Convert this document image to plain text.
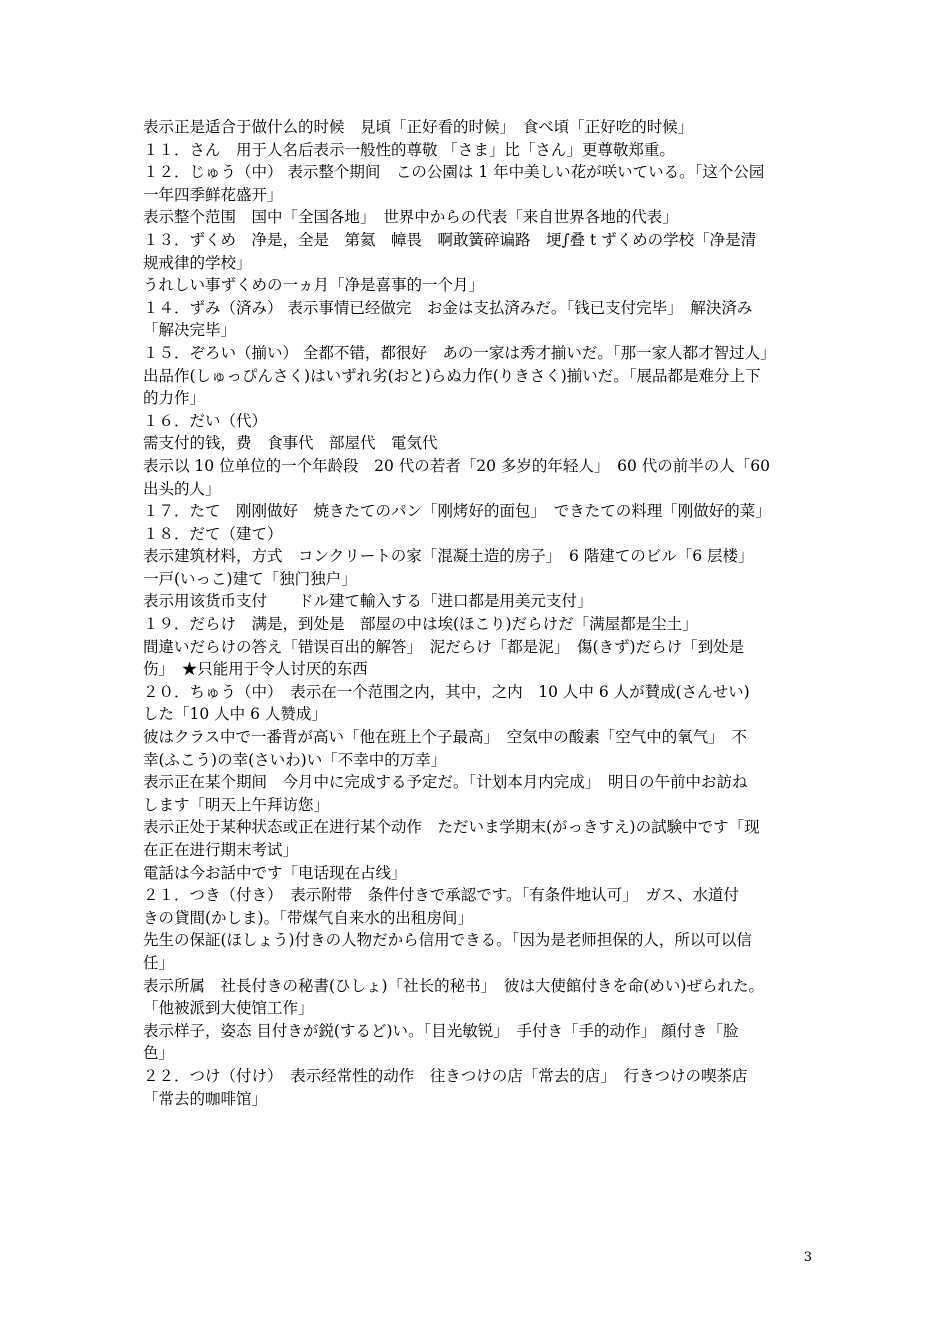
表示正是适合于做什么的时候　見頃「正好看的时候」　食べ頃「正好吃的时候」
１１．さん　用于人名后表示一般性的尊敬 「さま」比「さん」更尊敬郑重。
１２．じゅう（中） 表示整个期间　この公園は 1 年中美しい花が咲いている。「这个公园
一年四季鲜花盛开」
表示整个范围　国中「全国各地」　世界中からの代表「来自世界各地的代表」
１３．ずくめ　净是，全是　第氦　幛畏　啊敢簧碎谝路　埂∫叠 t ずくめの学校「净是清
规戒律的学校」
うれしい事ずくめの一ヵ月「净是喜事的一个月」
１４．ずみ（済み） 表示事情已经做完　お金は支払済みだ。「钱已支付完毕」　解決済み
「解决完毕」
１５．ぞろい（揃い） 全都不错，都很好　あの一家は秀才揃いだ。「那一家人都才智过人」
出品作(しゅっぴんさく)はいずれ劣(おと)らぬ力作(りきさく)揃いだ。「展品都是难分上下
的力作」
１６．だい（代）
需支付的钱，费　食事代　部屋代　電気代
表示以 10 位单位的一个年龄段　20 代の若者「20 多岁的年轻人」　60 代の前半の人「60
出头的人」
１７．たて　刚刚做好　焼きたてのパン「刚烤好的面包」　できたての料理「刚做好的菜」
１８．だて（建て）
表示建筑材料，方式　コンクリートの家「混凝土造的房子」　6 階建てのビル「6 层楼」
一戸(いっこ)建て「独门独户」
表示用该货币支付　　ドル建て輸入する「进口都是用美元支付」
１９．だらけ　满是，到处是　部屋の中は埃(ほこり)だらけだ「满屋都是尘土」
間違いだらけの答え「错误百出的解答」　泥だらけ「都是泥」　傷(きず)だらけ「到处是
伤」　★只能用于令人讨厌的东西
２０．ちゅう（中）　表示在一个范围之内，其中，之内　10 人中 6 人が賛成(さんせい)
した「10 人中 6 人赞成」
彼はクラス中で一番背が高い「他在班上个子最高」　空気中の酸素「空气中的氧气」　不
幸(ふこう)の幸(さいわ)い「不幸中的万幸」
表示正在某个期间　今月中に完成する予定だ。「计划本月内完成」　明日の午前中お訪ね
します「明天上午拜访您」
表示正处于某种状态或正在进行某个动作　ただいま学期末(がっきすえ)の試験中です「现
在正在进行期末考试」
電話は今お話中です「电话现在占线」
２１．つき（付き）　表示附带　条件付きで承認です。「有条件地认可」　ガス、水道付
きの貸間(かしま)。「带煤气自来水的出租房间」
先生の保証(ほしょう)付きの人物だから信用できる。「因为是老师担保的人，所以可以信
任」
表示所属　社長付きの秘書(ひしょ)「社长的秘书」　彼は大使館付きを命(めい)ぜられた。
「他被派到大使馆工作」
表示样子，姿态 目付きが鋭(するど)い。「目光敏锐」　手付き「手的动作」 顔付き「脸
色」
２２．つけ（付け）　表示经常性的动作　往きつけの店「常去的店」　行きつけの喫茶店
「常去的咖啡馆」
3
